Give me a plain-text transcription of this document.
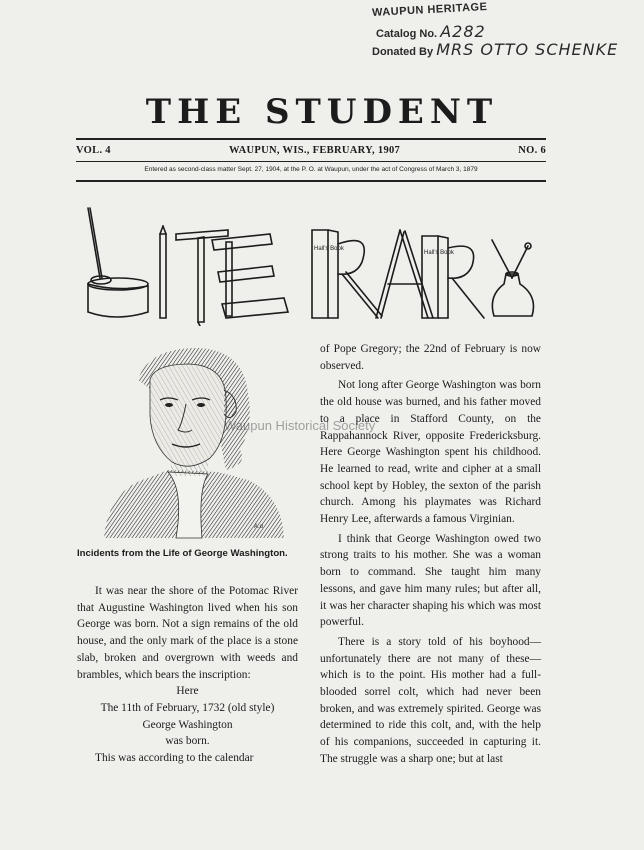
WAUPUN HERITAGE
Catalog No. A282
Donated By MRS OTTO SCHENKE
THE STUDENT
VOL. 4	WAUPUN, WIS., FEBRUARY, 1907	NO. 6
Entered as second-class matter Sept. 27, 1904, at the P. O. at Waupun, under the act of Congress of March 3, 1879
Hall's Book
Hall's Book
A.d
Waupun Historical Society
Incidents from the Life of George Washington.

It was near the shore of the Potomac River that Augustine Washington lived when his son George was born. Not a sign remains of the old house, and the only mark of the place is a stone slab, broken and overgrown with weeds and brambles, which bears the inscription:

Here

The 11th of February, 1732 (old style)

George Washington

was born.

This was according to the calendar

of Pope Gregory; the 22nd of February is now observed.

Not long after George Washington was born the old house was burned, and his father moved to a place in Stafford County, on the Rappahannock River, opposite Fredericksburg. Here George Washington spent his childhood. He learned to read, write and cipher at a small school kept by Hobley, the sexton of the parish church. Among his playmates was Richard Henry Lee, afterwards a famous Virginian.

I think that George Washington owed two strong traits to his mother. She was a woman born to command. She taught him many lessons, and gave him many rules; but after all, it was her character shaping his which was most powerful.

There is a story told of his boyhood—unfortunately there are not many of these—which is to the point. His mother had a full-blooded sorrel colt, which had never been broken, and was extremely spirited. George was determined to ride this colt, and, with the help of his companions, succeeded in capturing it. The struggle was a sharp one; but at last
